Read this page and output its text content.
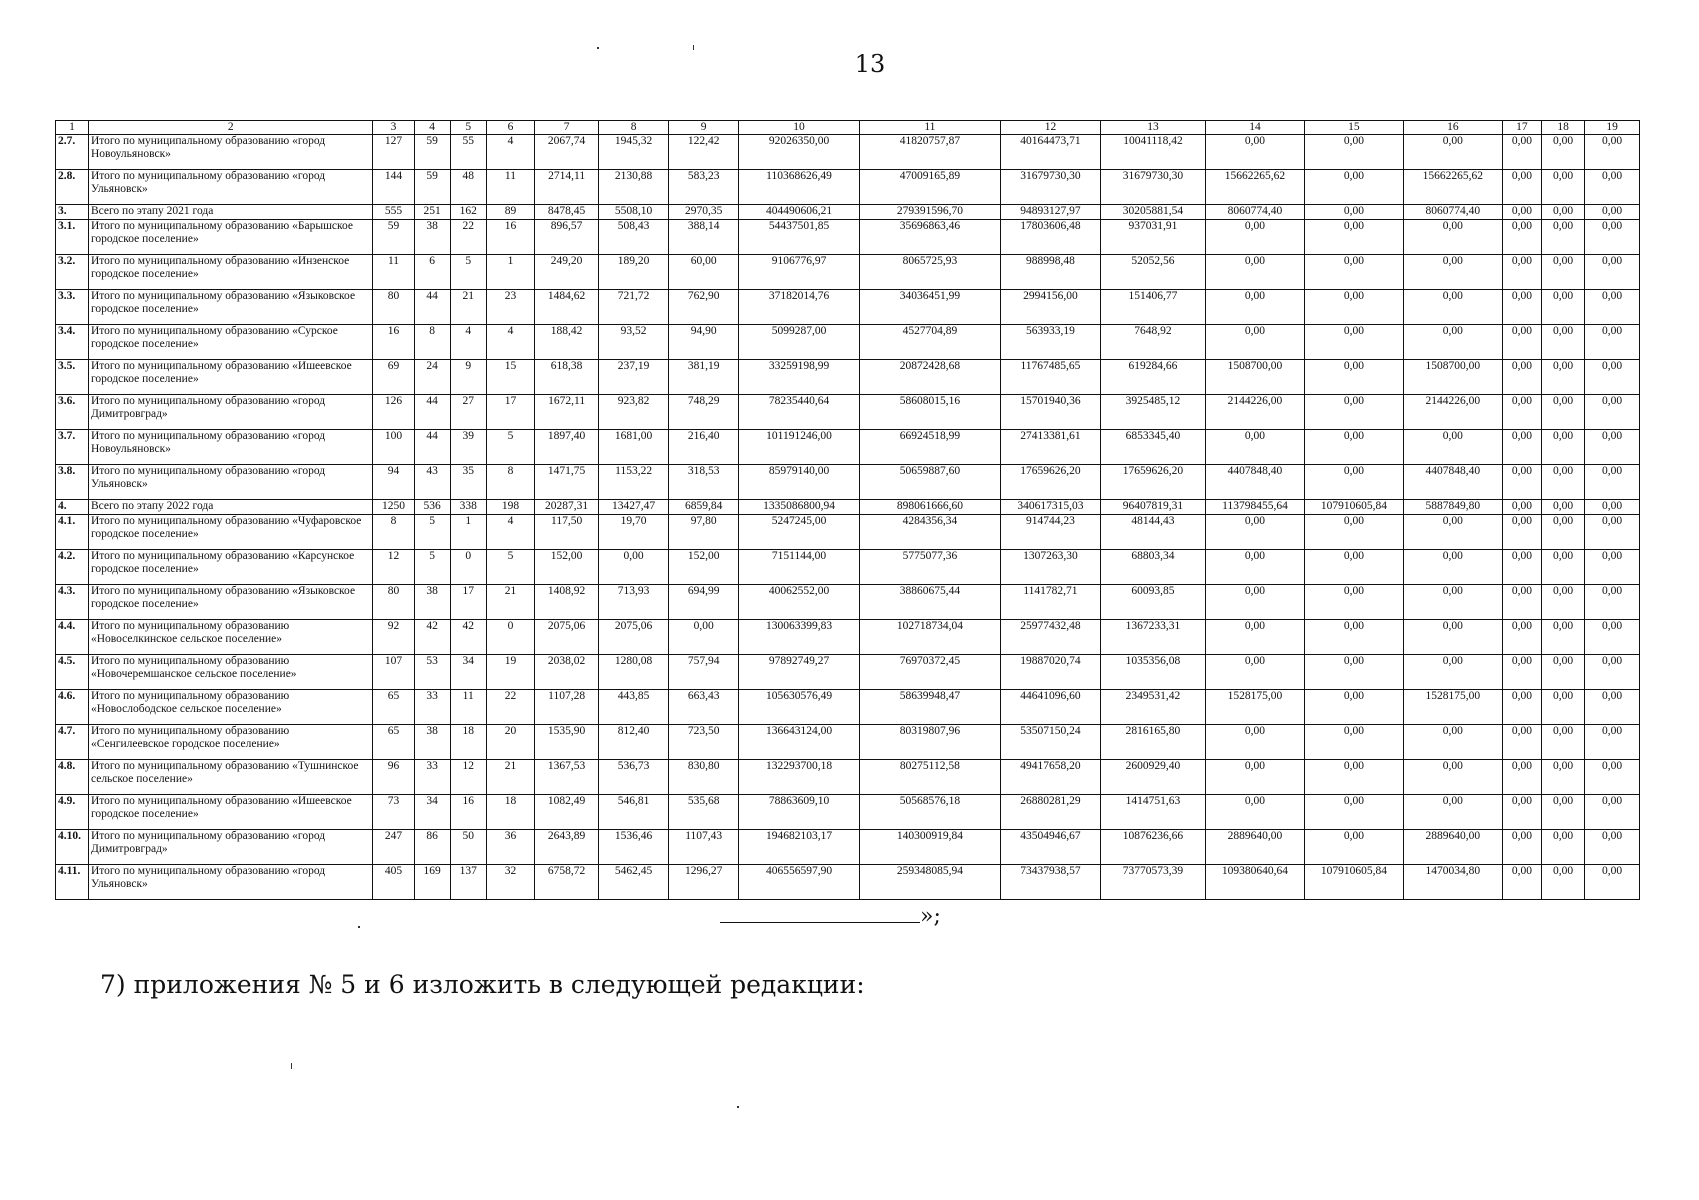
13
1	2	3	4	5	6	7	8	9	10	11	12	13	14	15	16	17	18	19
2.7.	Итого по муниципальному образованию «город Новоульяновск»	127	59	55	4	2067,74	1945,32	122,42	92026350,00	41820757,87	40164473,71	10041118,42	0,00	0,00	0,00	0,00	0,00	0,00
2.8.	Итого по муниципальному образованию «город Ульяновск»	144	59	48	11	2714,11	2130,88	583,23	110368626,49	47009165,89	31679730,30	31679730,30	15662265,62	0,00	15662265,62	0,00	0,00	0,00
3.	Всего по этапу 2021 года	555	251	162	89	8478,45	5508,10	2970,35	404490606,21	279391596,70	94893127,97	30205881,54	8060774,40	0,00	8060774,40	0,00	0,00	0,00
3.1.	Итого по муниципальному образованию «Барышское городское поселение»	59	38	22	16	896,57	508,43	388,14	54437501,85	35696863,46	17803606,48	937031,91	0,00	0,00	0,00	0,00	0,00	0,00
3.2.	Итого по муниципальному образованию «Инзенское городское поселение»	11	6	5	1	249,20	189,20	60,00	9106776,97	8065725,93	988998,48	52052,56	0,00	0,00	0,00	0,00	0,00	0,00
3.3.	Итого по муниципальному образованию «Языковское городское поселение»	80	44	21	23	1484,62	721,72	762,90	37182014,76	34036451,99	2994156,00	151406,77	0,00	0,00	0,00	0,00	0,00	0,00
3.4.	Итого по муниципальному образованию «Сурское городское поселение»	16	8	4	4	188,42	93,52	94,90	5099287,00	4527704,89	563933,19	7648,92	0,00	0,00	0,00	0,00	0,00	0,00
3.5.	Итого по муниципальному образованию «Ишеевское городское поселение»	69	24	9	15	618,38	237,19	381,19	33259198,99	20872428,68	11767485,65	619284,66	1508700,00	0,00	1508700,00	0,00	0,00	0,00
3.6.	Итого по муниципальному образованию «город Димитровград»	126	44	27	17	1672,11	923,82	748,29	78235440,64	58608015,16	15701940,36	3925485,12	2144226,00	0,00	2144226,00	0,00	0,00	0,00
3.7.	Итого по муниципальному образованию «город Новоульяновск»	100	44	39	5	1897,40	1681,00	216,40	101191246,00	66924518,99	27413381,61	6853345,40	0,00	0,00	0,00	0,00	0,00	0,00
3.8.	Итого по муниципальному образованию «город Ульяновск»	94	43	35	8	1471,75	1153,22	318,53	85979140,00	50659887,60	17659626,20	17659626,20	4407848,40	0,00	4407848,40	0,00	0,00	0,00
4.	Всего по этапу 2022 года	1250	536	338	198	20287,31	13427,47	6859,84	1335086800,94	898061666,60	340617315,03	96407819,31	113798455,64	107910605,84	5887849,80	0,00	0,00	0,00
4.1.	Итого по муниципальному образованию «Чуфаровское городское поселение»	8	5	1	4	117,50	19,70	97,80	5247245,00	4284356,34	914744,23	48144,43	0,00	0,00	0,00	0,00	0,00	0,00
4.2.	Итого по муниципальному образованию «Карсунское городское поселение»	12	5	0	5	152,00	0,00	152,00	7151144,00	5775077,36	1307263,30	68803,34	0,00	0,00	0,00	0,00	0,00	0,00
4.3.	Итого по муниципальному образованию «Языковское городское поселение»	80	38	17	21	1408,92	713,93	694,99	40062552,00	38860675,44	1141782,71	60093,85	0,00	0,00	0,00	0,00	0,00	0,00
4.4.	Итого по муниципальному образованию «Новоселкинское сельское поселение»	92	42	42	0	2075,06	2075,06	0,00	130063399,83	102718734,04	25977432,48	1367233,31	0,00	0,00	0,00	0,00	0,00	0,00
4.5.	Итого по муниципальному образованию «Новочеремшанское сельское поселение»	107	53	34	19	2038,02	1280,08	757,94	97892749,27	76970372,45	19887020,74	1035356,08	0,00	0,00	0,00	0,00	0,00	0,00
4.6.	Итого по муниципальному образованию «Новослободское сельское поселение»	65	33	11	22	1107,28	443,85	663,43	105630576,49	58639948,47	44641096,60	2349531,42	1528175,00	0,00	1528175,00	0,00	0,00	0,00
4.7.	Итого по муниципальному образованию «Сенгилеевское городское поселение»	65	38	18	20	1535,90	812,40	723,50	136643124,00	80319807,96	53507150,24	2816165,80	0,00	0,00	0,00	0,00	0,00	0,00
4.8.	Итого по муниципальному образованию «Тушнинское сельское поселение»	96	33	12	21	1367,53	536,73	830,80	132293700,18	80275112,58	49417658,20	2600929,40	0,00	0,00	0,00	0,00	0,00	0,00
4.9.	Итого по муниципальному образованию «Ишеевское городское поселение»	73	34	16	18	1082,49	546,81	535,68	78863609,10	50568576,18	26880281,29	1414751,63	0,00	0,00	0,00	0,00	0,00	0,00
4.10.	Итого по муниципальному образованию «город Димитровград»	247	86	50	36	2643,89	1536,46	1107,43	194682103,17	140300919,84	43504946,67	10876236,66	2889640,00	0,00	2889640,00	0,00	0,00	0,00
4.11.	Итого по муниципальному образованию «город Ульяновск»	405	169	137	32	6758,72	5462,45	1296,27	406556597,90	259348085,94	73437938,57	73770573,39	109380640,64	107910605,84	1470034,80	0,00	0,00	0,00
»;
7) приложения № 5 и 6 изложить в следующей редакции:
